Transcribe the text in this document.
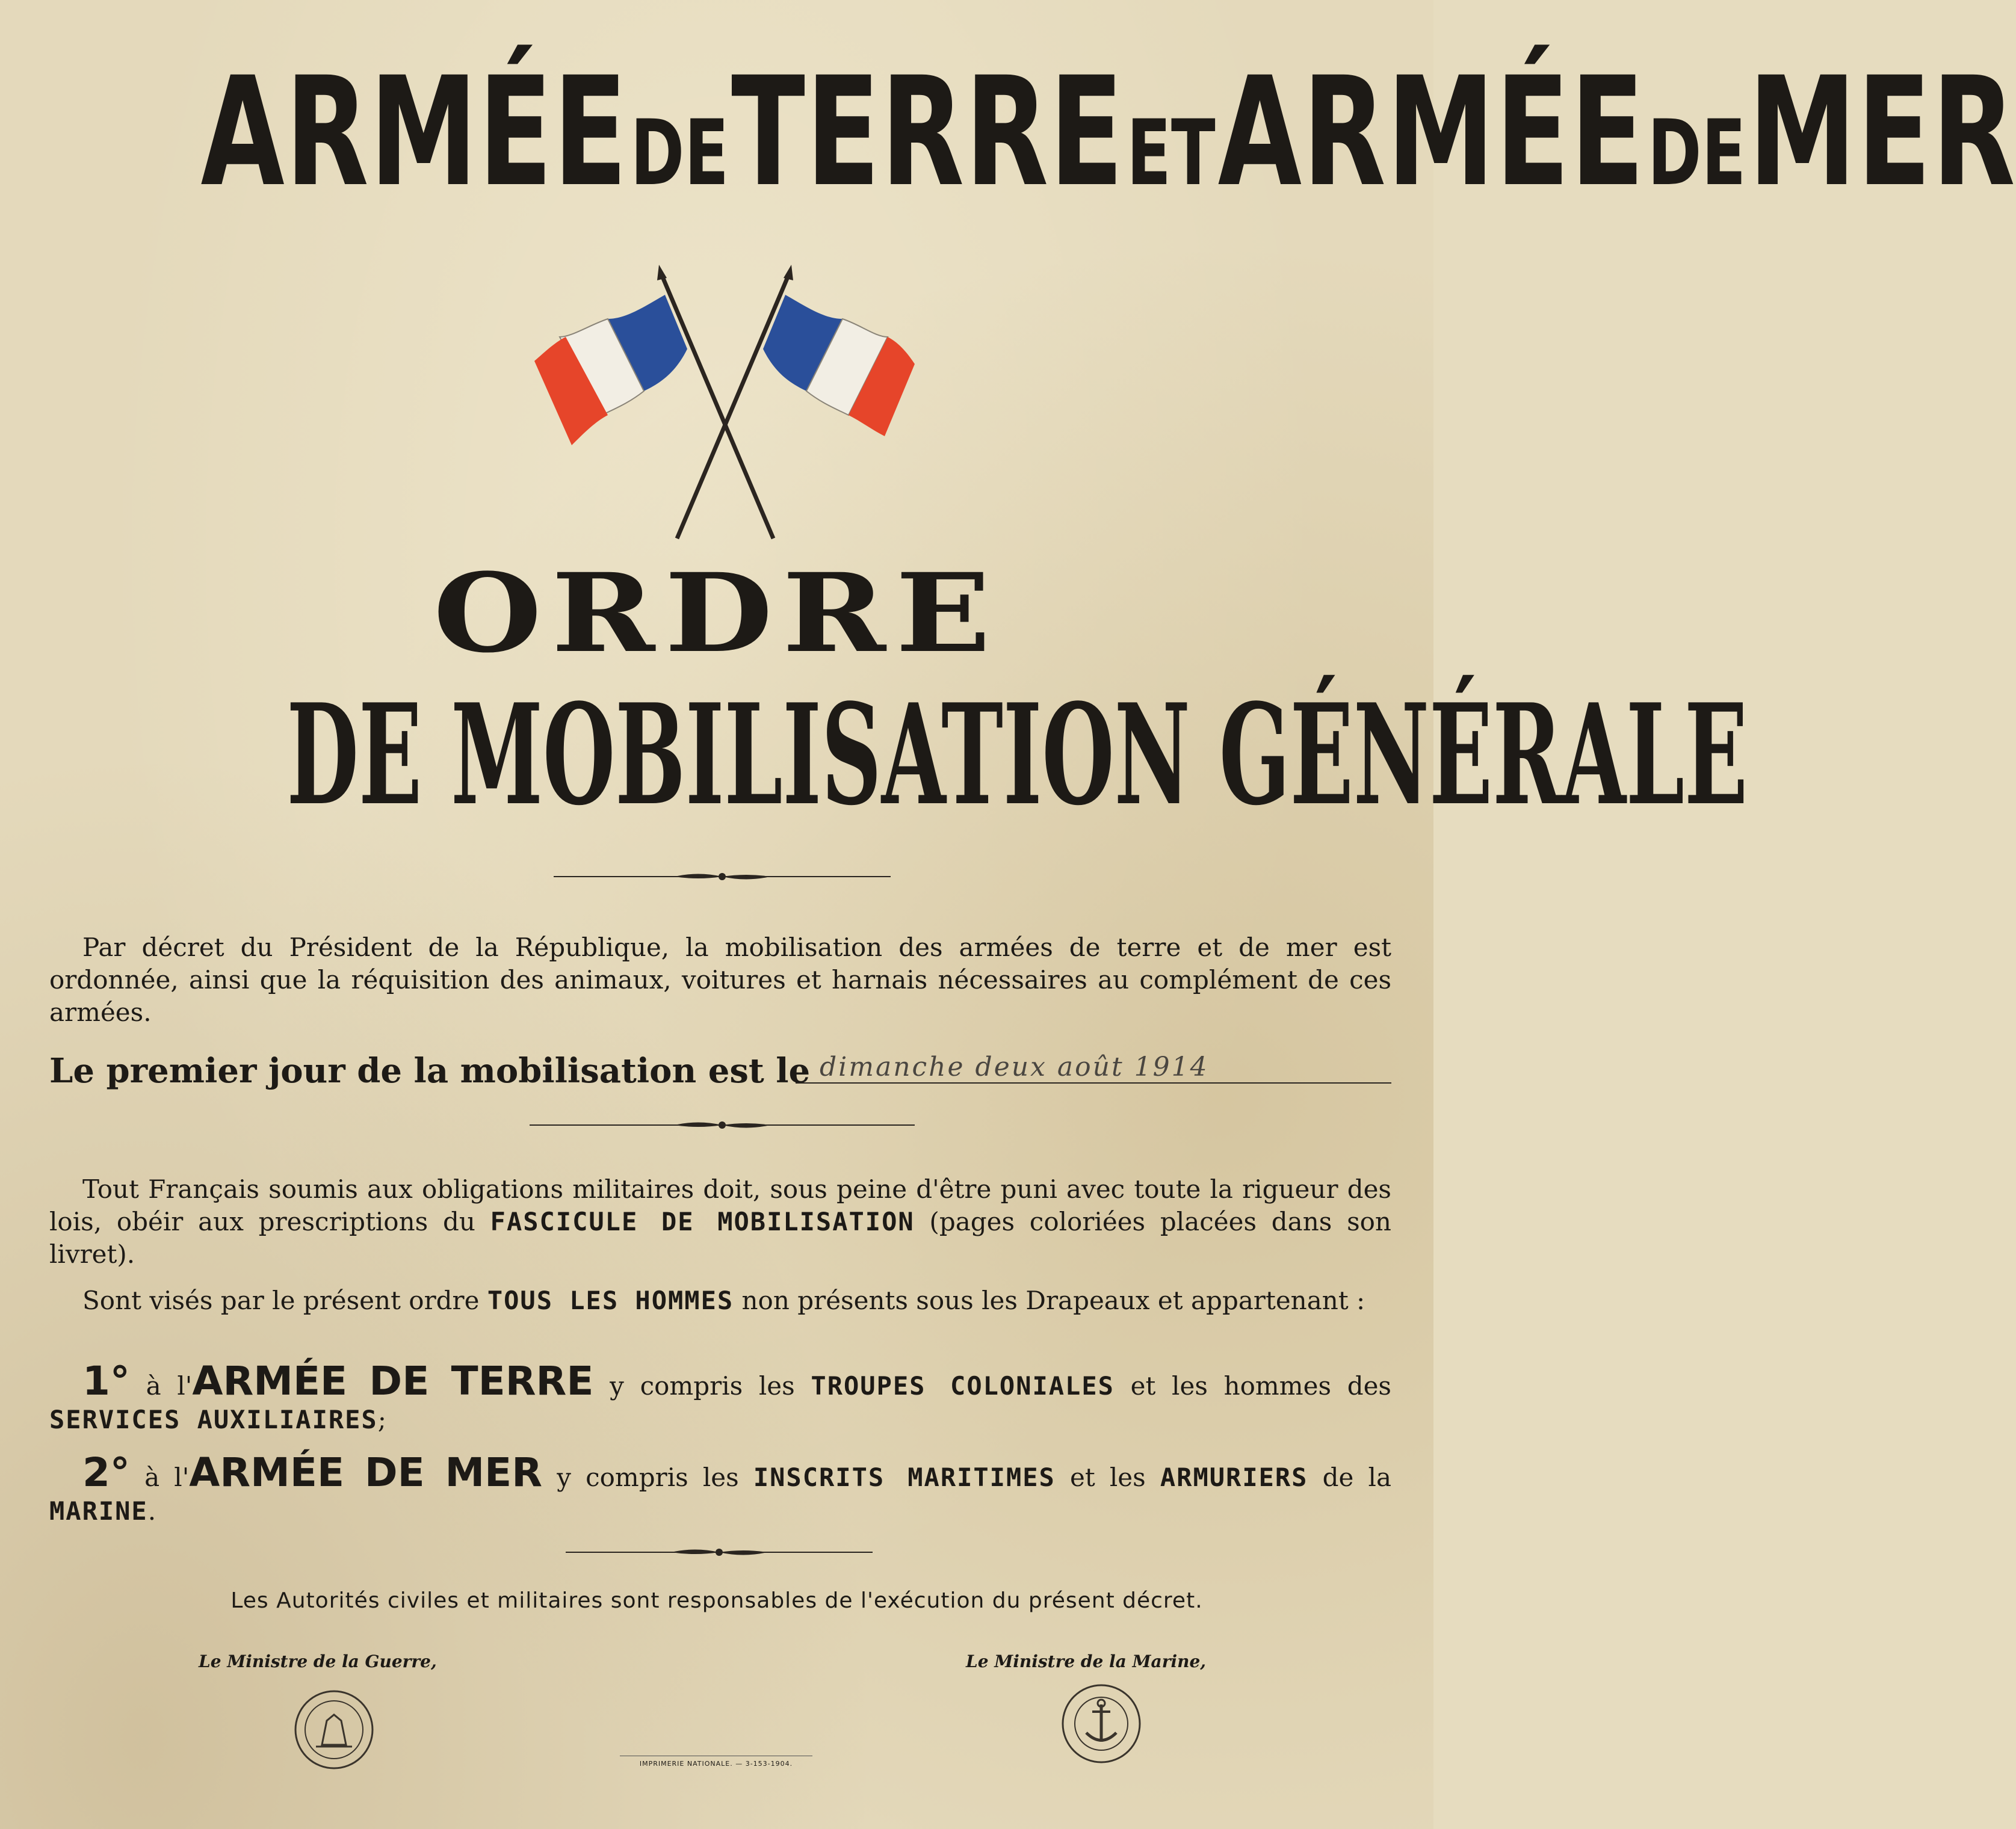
ARMÉE DE TERRE ET ARMÉE DE MER
ORDRE
DE MOBILISATION GÉNÉRALE
Par décret du Président de la République, la mobilisation des armées de terre et de mer est ordonnée, ainsi que la réquisition des animaux, voitures et harnais nécessaires au complément de ces armées.
Le premier jour de la mobilisation est le dimanche deux août 1914
Tout Français soumis aux obligations militaires doit, sous peine d'être puni avec toute la rigueur des lois, obéir aux prescriptions du FASCICULE DE MOBILISATION (pages coloriées placées dans son livret).
Sont visés par le présent ordre TOUS LES HOMMES non présents sous les Drapeaux et appartenant :
1° à l'ARMÉE DE TERRE y compris les TROUPES COLONIALES et les hommes des SERVICES AUXILIAIRES;
2° à l'ARMÉE DE MER y compris les INSCRITS MARITIMES et les ARMURIERS de la MARINE.
Les Autorités civiles et militaires sont responsables de l'exécution du présent décret.
Le Ministre de la Guerre,	Le Ministre de la Marine,
IMPRIMERIE NATIONALE. — 3-153-1904.
